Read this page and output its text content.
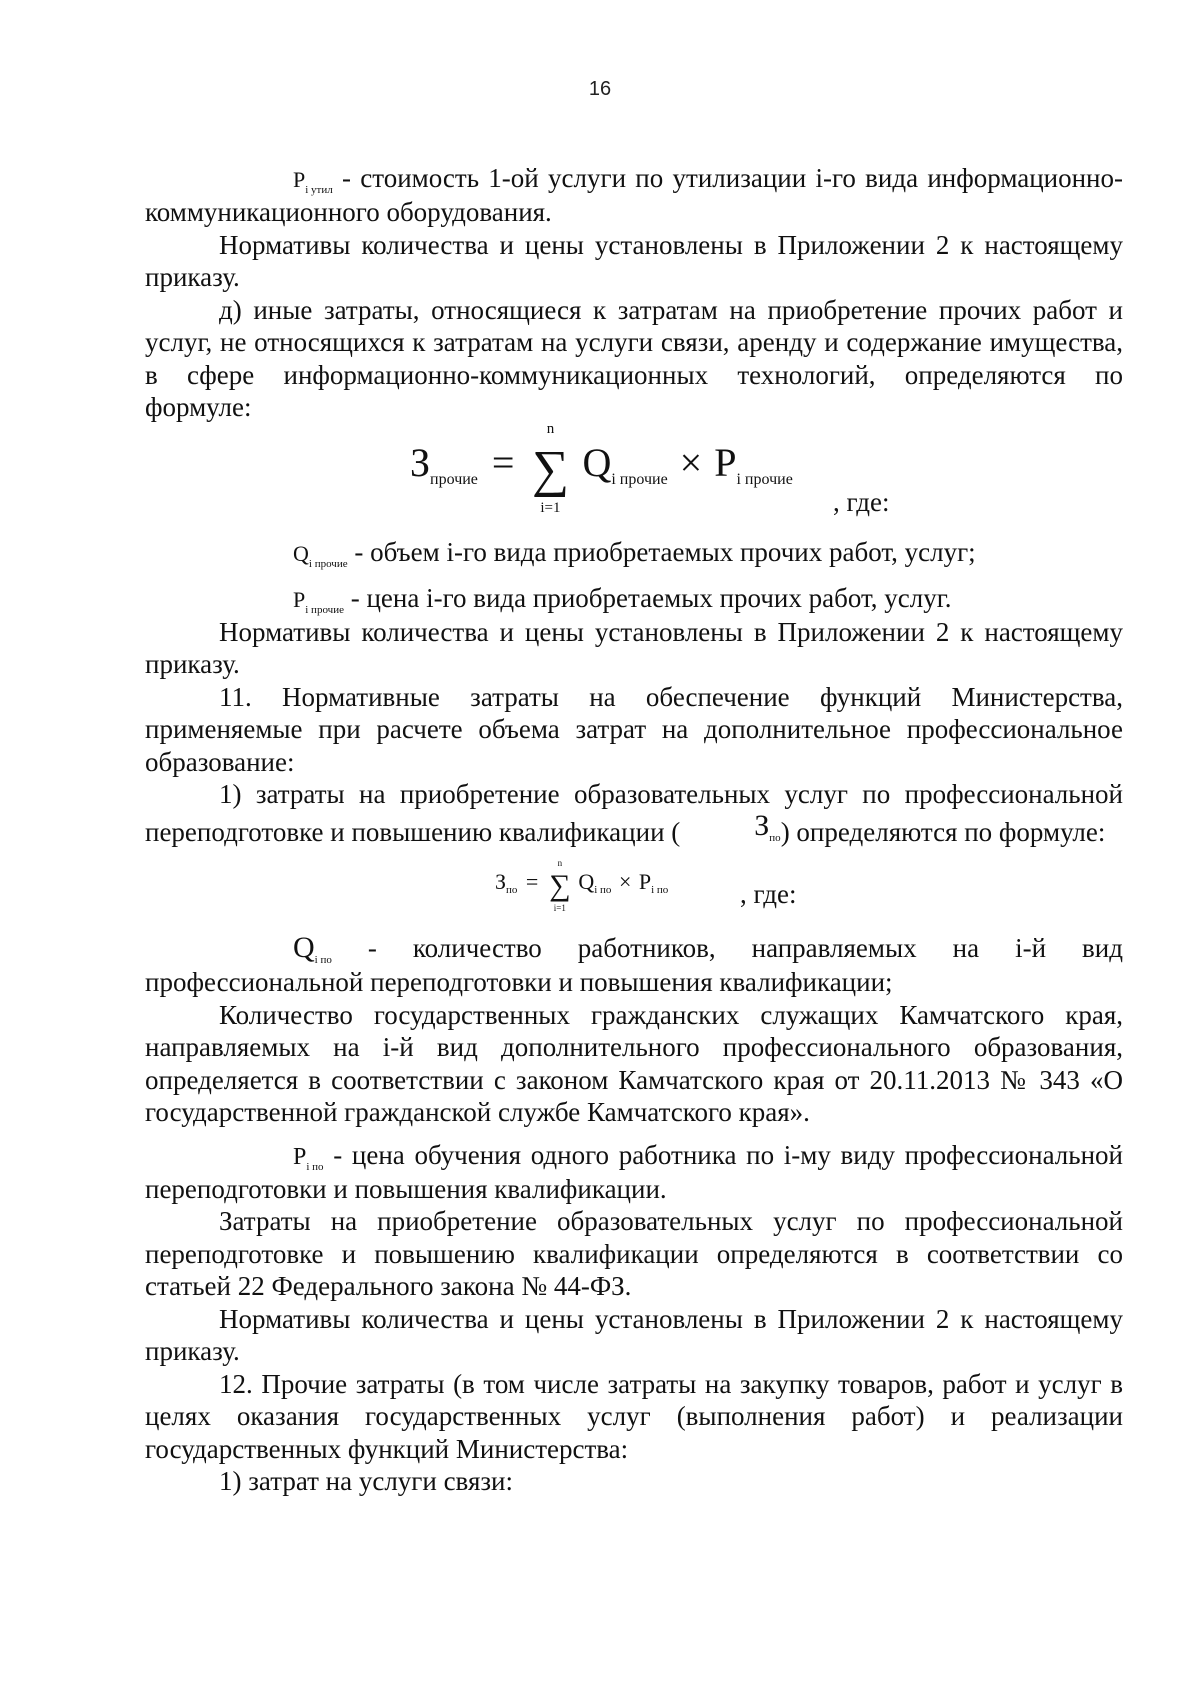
16

$P_{i утил}$ - стоимость 1-ой услуги по утилизации i-го вида информационно-коммуникационного оборудования.

Нормативы количества и цены установлены в Приложении 2 к настоящему приказу.

д) иные затраты, относящиеся к затратам на приобретение прочих работ и услуг, не относящихся к затратам на услуги связи, аренду и содержание имущества, в сфере информационно-коммуникационных технологий, определяются по формуле:

$З_{прочие}$ = ∑
n
i=1
$Q_{i прочие} \times P_{i прочие}$
, где:

$Q_{i прочие}$ - объем i-го вида приобретаемых прочих работ, услуг;

$P_{i прочие}$ - цена i-го вида приобретаемых прочих работ, услуг.

Нормативы количества и цены установлены в Приложении 2 к настоящему приказу.

11. Нормативные затраты на обеспечение функций Министерства, применяемые при расчете объема затрат на дополнительное профессиональное образование:

1) затраты на приобретение образовательных услуг по профессиональной переподготовке и повышению квалификации ( $З_{по}$) определяются по формуле:

Зпо = ∑
n
i=1
Qi по × Pi по	, где:

$Q_{i по}$ - количество работников, направляемых на i-й вид профессиональной переподготовки и повышения квалификации;

Количество государственных гражданских служащих Камчатского края, направляемых на i-й вид дополнительного профессионального образования, определяется в соответствии с законом Камчатского края от 20.11.2013 № 343 «О государственной гражданской службе Камчатского края».

$P_{i по}$ - цена обучения одного работника по i-му виду профессиональной переподготовки и повышения квалификации.

Затраты на приобретение образовательных услуг по профессиональной переподготовке и повышению квалификации определяются в соответствии со статьей 22 Федерального закона № 44-ФЗ.

Нормативы количества и цены установлены в Приложении 2 к настоящему приказу.

12. Прочие затраты (в том числе затраты на закупку товаров, работ и услуг в целях оказания государственных услуг (выполнения работ) и реализации государственных функций Министерства:

1) затрат на услуги связи:
